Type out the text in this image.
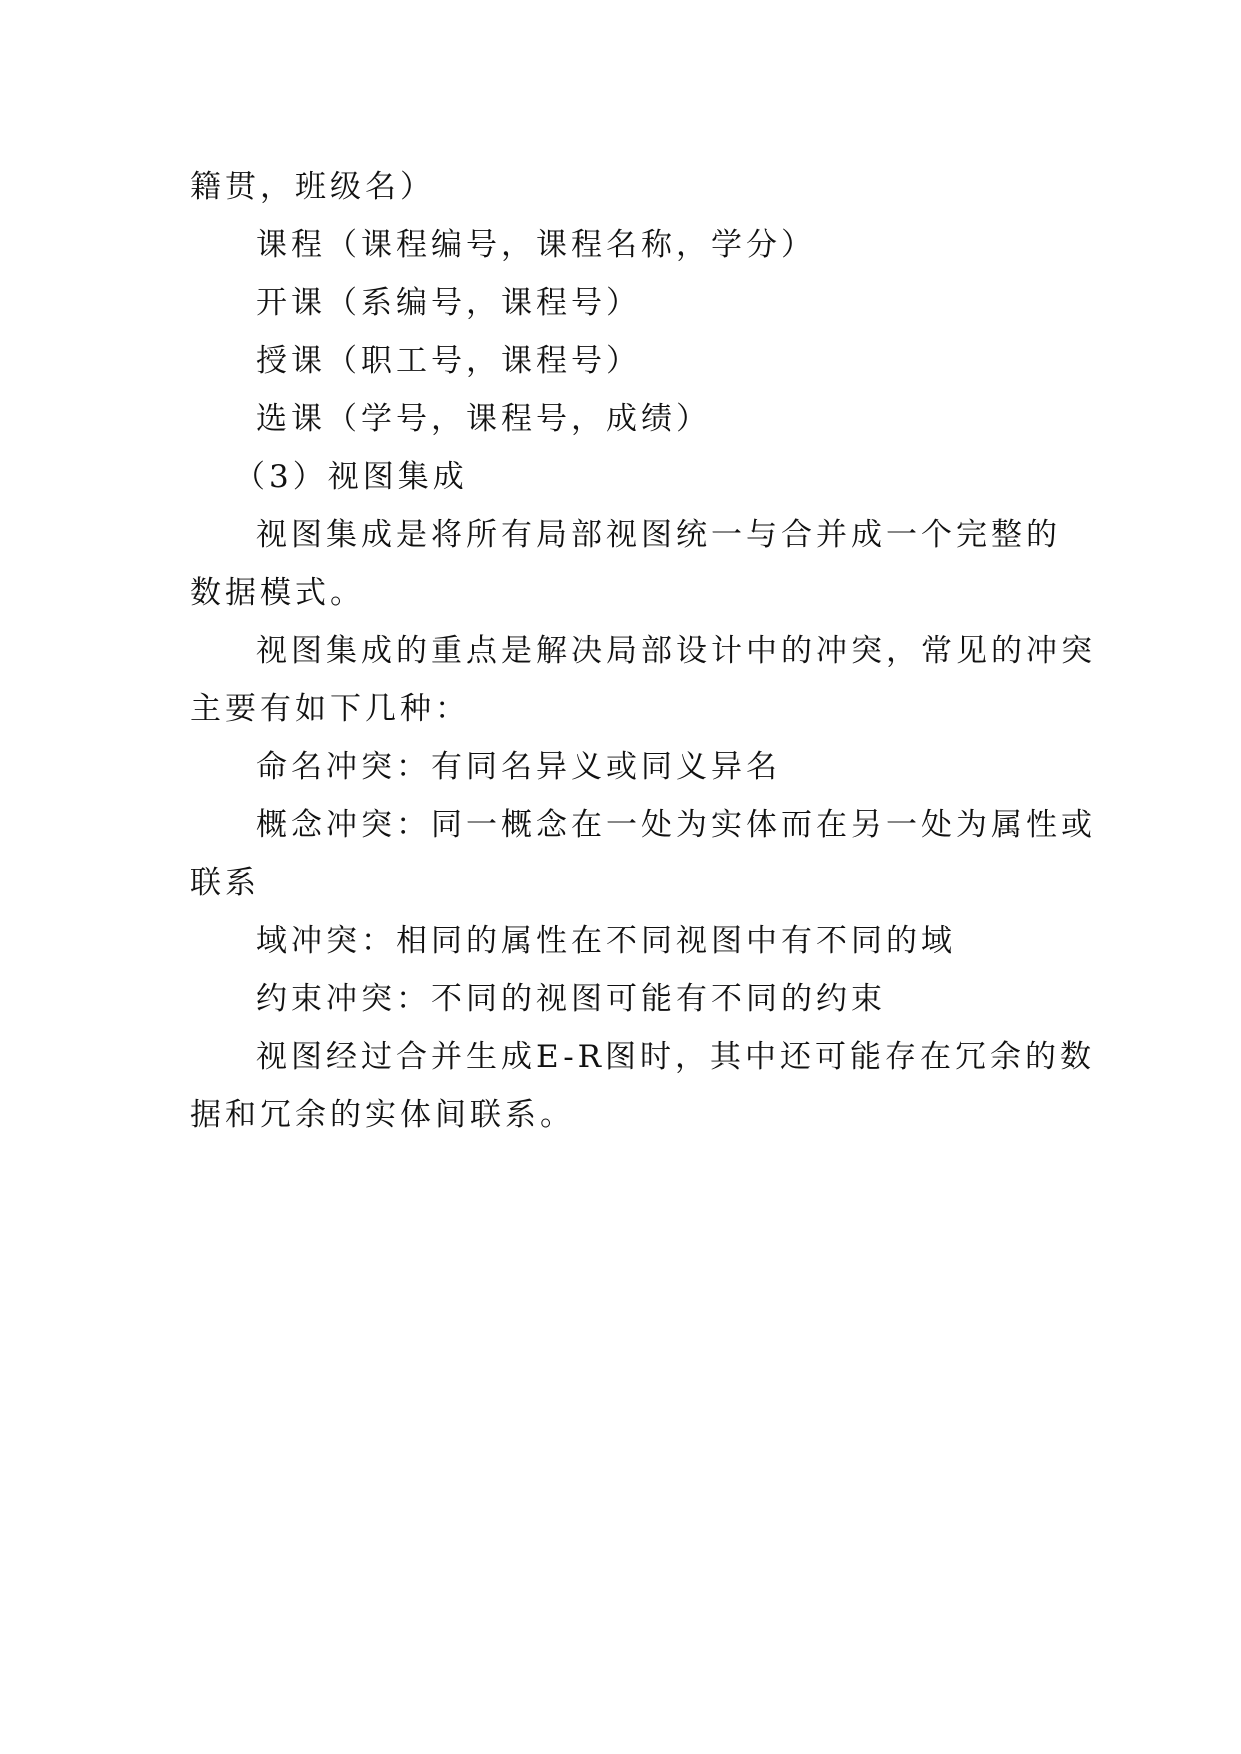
籍贯，班级名）

课程（课程编号，课程名称，学分）

开课（系编号，课程号）

授课（职工号，课程号）

选课（学号，课程号，成绩）

（3）视图集成

视图集成是将所有局部视图统一与合并成一个完整的

数据模式。

视图集成的重点是解决局部设计中的冲突，常见的冲突

主要有如下几种：

命名冲突：有同名异义或同义异名

概念冲突：同一概念在一处为实体而在另一处为属性或

联系

域冲突：相同的属性在不同视图中有不同的域

约束冲突：不同的视图可能有不同的约束

视图经过合并生成E-R图时，其中还可能存在冗余的数

据和冗余的实体间联系。
